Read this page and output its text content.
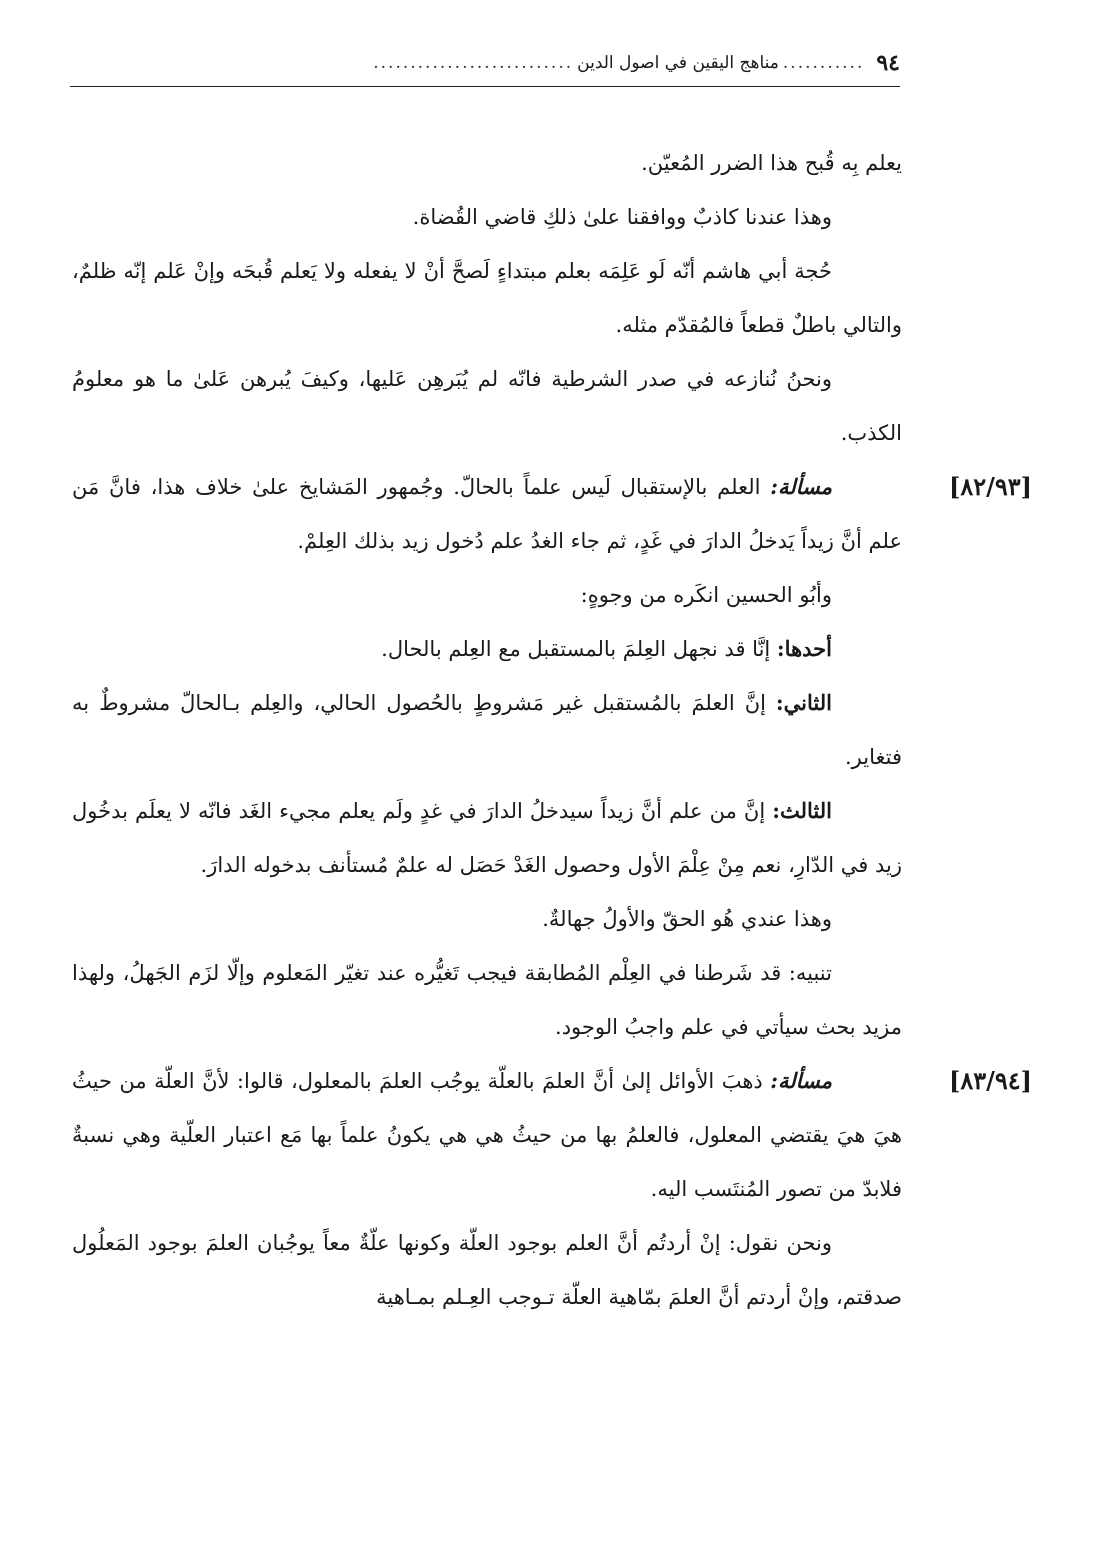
٩٤
...........
مناهج اليقين في اصول الدين
...........................

يعلم بِه قُبح هذا الضرر المُعيّن.

وهذا عندنا كاذبٌ ووافقنا علىٰ ذلكِ قاضي القُضاة.

حُجة أبي هاشم أنّه لَو عَلِمَه بعلم مبتداءٍ لَصحَّ أنْ لا يفعله ولا يَعلم قُبحَه وإنْ عَلم إنّه ظلمٌ، والتالي باطلٌ قطعاً فالمُقدّم مثله.

ونحنُ نُنازعه في صدر الشرطية فانّه لم يُبَرهِن عَليها، وكيفَ يُبرهن عَلىٰ ما هو معلومُ الكذب.

[٨٢/٩٣]
مسألة: العلم بالإستقبال لَيس علماً بالحالّ. وجُمهور المَشايخ علىٰ خلاف هذا، فانَّ مَن علم أنَّ زيداً يَدخلُ الدارَ في غَدٍ، ثم جاء الغدُ علم دُخول زيد بذلك العِلمْ.

وأبُو الحسين انكَره من وجوهٍ:

أحدها: إنَّا قد نجهل العِلمَ بالمستقبل مع العِلم بالحال.

الثاني: إنَّ العلمَ بالمُستقبل غير مَشروطٍ بالحُصول الحالي، والعِلم بـالحالّ مشروطٌ به فتغاير.

الثالث: إنَّ من علم أنَّ زيداً سيدخلُ الدارَ في غدٍ ولَم يعلم مجيء الغَد فانّه لا يعلَم بدخُول زيد في الدّارِ، نعم مِنْ عِلْمَ الأول وحصول الغَدْ حَصَل له علمٌ مُستأنف بدخوله الدارَ.

وهذا عندي هُو الحقّ والأولُ جهالةٌ.

تنبيه: قد شَرطنا في العِلْم المُطابقة فيجب تَغيُّره عند تغيّر المَعلوم وإلّا لزَم الجَهلُ، ولهذا مزيد بحث سيأتي في علم واجبُ الوجود.

[٨٣/٩٤]
مسألة: ذهبَ الأوائل إلىٰ أنَّ العلمَ بالعلّة يوجُب العلمَ بالمعلول، قالوا: لأنَّ العلّة من حيثُ هيَ هيَ يقتضي المعلول، فالعلمُ بها من حيثُ هي هي يكونُ علماً بها مَع اعتبار العلّية وهي نسبةٌ فلابدّ من تصور المُنتَسب اليه.

ونحن نقول: إنْ أردتُم أنَّ العلم بوجود العلّة وكونها علّةٌ معاً يوجُبان العلمَ بوجود المَعلُول صدقتم، وإنْ أردتم أنَّ العلمَ بمّاهية العلّة تـوجب العِـلم بمـاهية
